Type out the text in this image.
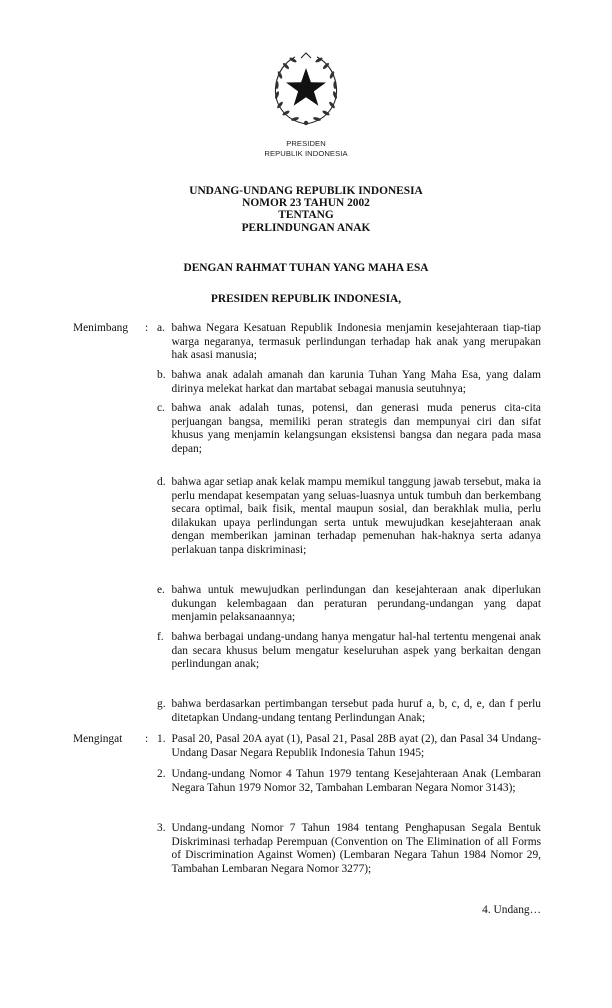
PRESIDEN
REPUBLIK INDONESIA
UNDANG-UNDANG REPUBLIK INDONESIA
NOMOR 23 TAHUN 2002
TENTANG
PERLINDUNGAN ANAK
DENGAN RAHMAT TUHAN YANG MAHA ESA
PRESIDEN REPUBLIK INDONESIA,
Menimbang : a. bahwa Negara Kesatuan Republik Indonesia menjamin kesejahteraan tiap-tiap warga negaranya, termasuk perlindungan terhadap hak anak yang merupakan hak asasi manusia;
b. bahwa anak adalah amanah dan karunia Tuhan Yang Maha Esa, yang dalam dirinya melekat harkat dan martabat sebagai manusia seutuhnya;
c. bahwa anak adalah tunas, potensi, dan generasi muda penerus cita-cita perjuangan bangsa, memiliki peran strategis dan mempunyai ciri dan sifat khusus yang menjamin kelangsungan eksistensi bangsa dan negara pada masa depan;
d. bahwa agar setiap anak kelak mampu memikul tanggung jawab tersebut, maka ia perlu mendapat kesempatan yang seluas-luasnya untuk tumbuh dan berkembang secara optimal, baik fisik, mental maupun sosial, dan berakhlak mulia, perlu dilakukan upaya perlindungan serta untuk mewujudkan kesejahteraan anak dengan memberikan jaminan terhadap pemenuhan hak-haknya serta adanya perlakuan tanpa diskriminasi;
e. bahwa untuk mewujudkan perlindungan dan kesejahteraan anak diperlukan dukungan kelembagaan dan peraturan perundang-undangan yang dapat menjamin pelaksanaannya;
f. bahwa berbagai undang-undang hanya mengatur hal-hal tertentu mengenai anak dan secara khusus belum mengatur keseluruhan aspek yang berkaitan dengan perlindungan anak;
g. bahwa berdasarkan pertimbangan tersebut pada huruf a, b, c, d, e, dan f perlu ditetapkan Undang-undang tentang Perlindungan Anak;
Mengingat : 1. Pasal 20, Pasal 20A ayat (1), Pasal 21, Pasal 28B ayat (2), dan Pasal 34 Undang-Undang Dasar Negara Republik Indonesia Tahun 1945;
2. Undang-undang Nomor 4 Tahun 1979 tentang Kesejahteraan Anak (Lembaran Negara Tahun 1979 Nomor 32, Tambahan Lembaran Negara Nomor 3143);
3. Undang-undang Nomor 7 Tahun 1984 tentang Penghapusan Segala Bentuk Diskriminasi terhadap Perempuan (Convention on The Elimination of all Forms of Discrimination Against Women) (Lembaran Negara Tahun 1984 Nomor 29, Tambahan Lembaran Negara Nomor 3277);
4. Undang…
